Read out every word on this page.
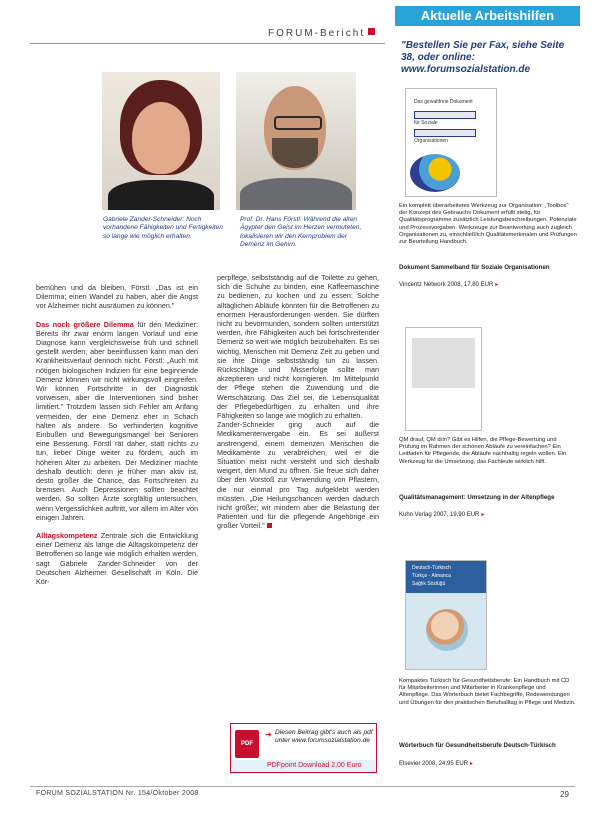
FORUM-Bericht
Gabriele Zander-Schneider: Noch vorhandene Fähigkeiten und Fertigkeiten so lange wie möglich erhalten.
Prof. Dr. Hans Förstl: Während die alten Ägypter den Geist im Herzen vermuteten, lokalisieren wir den Kernproblem der Demenz im Gehirn.

bemühen und da bleiben, Förstl. „Das ist ein Dilemma; einen Wandel zu haben, aber die Angst vor Alzheimer nicht ausräumen zu können."

Das noch größere Dilemma für den Mediziner: Bereits ihr zwar enorm langen Vorlauf und eine Diagnose kann vergleichsweise früh und schnell gestellt werden; aber beeinflussen kann man den Krankheitsverlauf dennoch nicht. Förstl: „Auch mit nötigen biologischen Indizien für eine beginnende Demenz können wir nicht wirkungsvoll eingreifen. Wir können Fortschritte in der Diagnostik vorweisen, aber die Interventionen sind bisher limitiert." Trotzdem lassen sich Fehler am Anfang vermeiden, der eine Demenz eher in Schach halten als andere. So verhinderten kognitive Einbußen und Bewegungsmangel bei Senioren eine Besserung. Förstl rät daher, statt nichts zu tun, lieber Dinge weiter zu fördern, auch im höheren Alter zu arbeiten. Der Mediziner machte deshalb deutlich: denn je früher man aktiv ist, desto größer die Chance, das Fortschreiten zu bremsen. Auch Depressionen sollten beachtet werden. So sollten Ärzte sorgfältig untersuchen, wenn Vergesslichkeit auftritt, vor allem im Alter von einigen Jahren.

Alltagskompetenz Zentrale sich die Entwicklung einer Demenz als lange die Alltagskompetenz der Betroffenen so lange wie möglich erhalten werden, sagt Gabriele Zander-Schneider von der Deutschen Alzheimer Gesellschaft in Köln. Die Kör-

perpflege, selbstständig auf die Toilette zu gehen, sich die Schuhe zu binden, eine Kaffeemaschine zu bedienen, zu kochen und zu essen: Solche alltäglichen Abläufe könnten für die Betroffenen zu enormen Herausforderungen werden. Sie dürften nicht zu bevormunden, sondern sollten unterstützt werden, ihre Fähigkeiten auch bei fortschreitender Demenz so weit wie möglich beizubehalten. Es sei wichtig, Menschen mit Demenz Zeit zu geben und sie ihre Dinge selbstständig tun zu lassen. Rückschläge und Misserfolge sollte man akzeptieren und nicht korrigieren. Im Mittelpunkt der Pflege stehen die Zuwendung und die Wertschätzung. Das Ziel sei, die Lebensqualität der Pflegebedürftigen zu erhalten und ihre Fähigkeiten so lange wie möglich zu erhalten.

Zander-Schneider ging auch auf die Medikamentenvergabe ein. Es sei äußerst anstrengend, einem demenzen Menschen die Medikamente zu verabreichen, weil er die Situation meist nicht versteht und sich deshalb weigert, den Mund zu öffnen. Sie freue sich daher über den Vorstoß zur Verwendung von Pflastern, die nur einmal pro Tag aufgeklebt werden müssten. „Die Heilungschancen werden dadurch nicht größer; wir mindern aber die Belastung der Patienten und für die pflegende Angehörige ein großer Vorteil."

PDF
➔ Diesen Beitrag gibt's auch als pdf unter www.forumsozialstation.de
PDFpoint Download 2,00 Euro
Aktuelle Arbeitshilfen
"Bestellen Sie per Fax, siehe Seite 38, oder online: www.forumsozialstation.de
Das gewaltfreie Dokument
für Soziale
Organisationen
Ein komplett überarbeitetes Werkzeug zur Organisation: „Toolbox" der Konzept des Gebrauchs Dokument erfüllt stetig, für Qualitätsprogramme zusätzlich Leistungsbeschreibungen, Potenziale und Prozessvorgaben. Werkzeuge zur Beantwortung auch zugleich Organisationen zu, einschließlich Qualitätsmerkmalen und Prüfungen zur Beurteilung Handbuch.
Dokument Sammelband für Soziale Organisationen
Vincentz Network 2008, 17,80 EUR ▸
QM drauf, QM drin? Gibt es Hilfen, die Pflege-Bewertung und Prüfung im Rahmen der schönen Abläufe zu vereinfachen? Ein Leitfaden für Pflegende, die Abläufe nachhaltig regeln wollen. Ein Werkzeug für die Umsetzung, das Fachleute wirklich hilft.
Qualitätsmanagement: Umsetzung in der Altenpflege
Kuhn Verlag 2007, 19,90 EUR ▸
Deutsch-Türkisch
Türkçe - Almanca
Sağlık Sözlüğü
Kompaktes Türkisch für Gesundheitsberufe: Ein Handbuch mit CD für Mitarbeiterinnen und Mitarbeiter in Krankenpflege und Altenpflege. Das Wörterbuch bietet Fachbegriffe, Redewendungen und Übungen für den praktischen Berufsalltag in Pflege und Medizin.
Wörterbuch für Gesundheitsberufe Deutsch-Türkisch
Elsevier 2008, 24,95 EUR ▸
FORUM SOZIALSTATION Nr. 154/Oktober 2008	29
